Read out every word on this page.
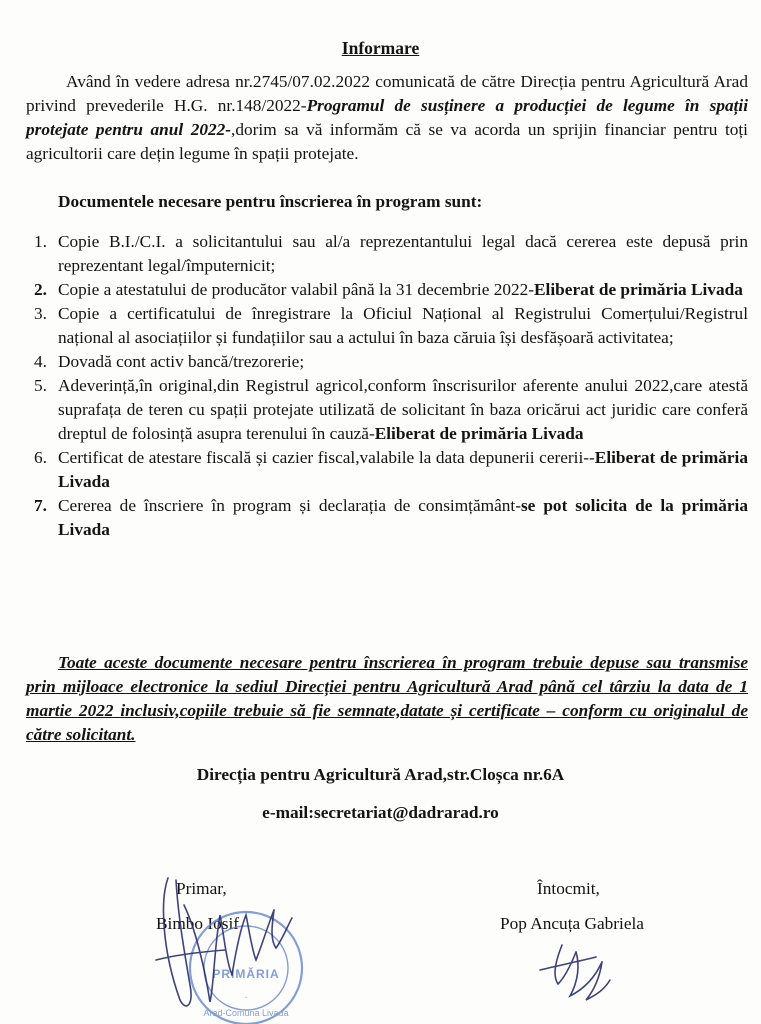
Informare
Având în vedere adresa nr.2745/07.02.2022 comunicată de către Direcția pentru Agricultură Arad privind prevederile H.G. nr.148/2022-Programul de susținere a producției de legume în spații protejate pentru anul 2022-,dorim sa vă informăm că se va acorda un sprijin financiar pentru toți agricultorii care dețin legume în spații protejate.
Documentele necesare pentru înscrierea în program sunt:
1. Copie B.I./C.I. a solicitantului sau al/a reprezentantului legal dacă cererea este depusă prin reprezentant legal/împuternicit;
2. Copie a atestatului de producător valabil până la 31 decembrie 2022-Eliberat de primăria Livada
3. Copie a certificatului de înregistrare la Oficiul Național al Registrului Comerțului/Registrul național al asociațiilor și fundațiilor sau a actului în baza căruia își desfășoară activitatea;
4. Dovadă cont activ bancă/trezorerie;
5. Adeverință,în original,din Registrul agricol,conform înscrisurilor aferente anului 2022,care atestă suprafața de teren cu spații protejate utilizată de solicitant în baza oricărui act juridic care conferă dreptul de folosință asupra terenului în cauză-Eliberat de primăria Livada
6. Certificat de atestare fiscală și cazier fiscal,valabile la data depunerii cererii--Eliberat de primăria Livada
7. Cererea de înscriere în program și declarația de consimțământ-se pot solicita de la primăria Livada
Toate aceste documente necesare pentru înscrierea în program trebuie depuse sau transmise prin mijloace electronice la sediul Direcției pentru Agricultură Arad până cel târziu la data de 1 martie 2022 inclusiv,copiile trebuie să fie semnate,datate și certificate – conform cu originalul de către solicitant.
Direcția pentru Agricultură Arad,str.Cloșca nr.6A
e-mail:secretariat@dadrarad.ro
Primar,
Bimbo Iosif
Întocmit,
Pop Ancuța Gabriela
PRIMĂRIA
Arad-Comuna Livada
·
